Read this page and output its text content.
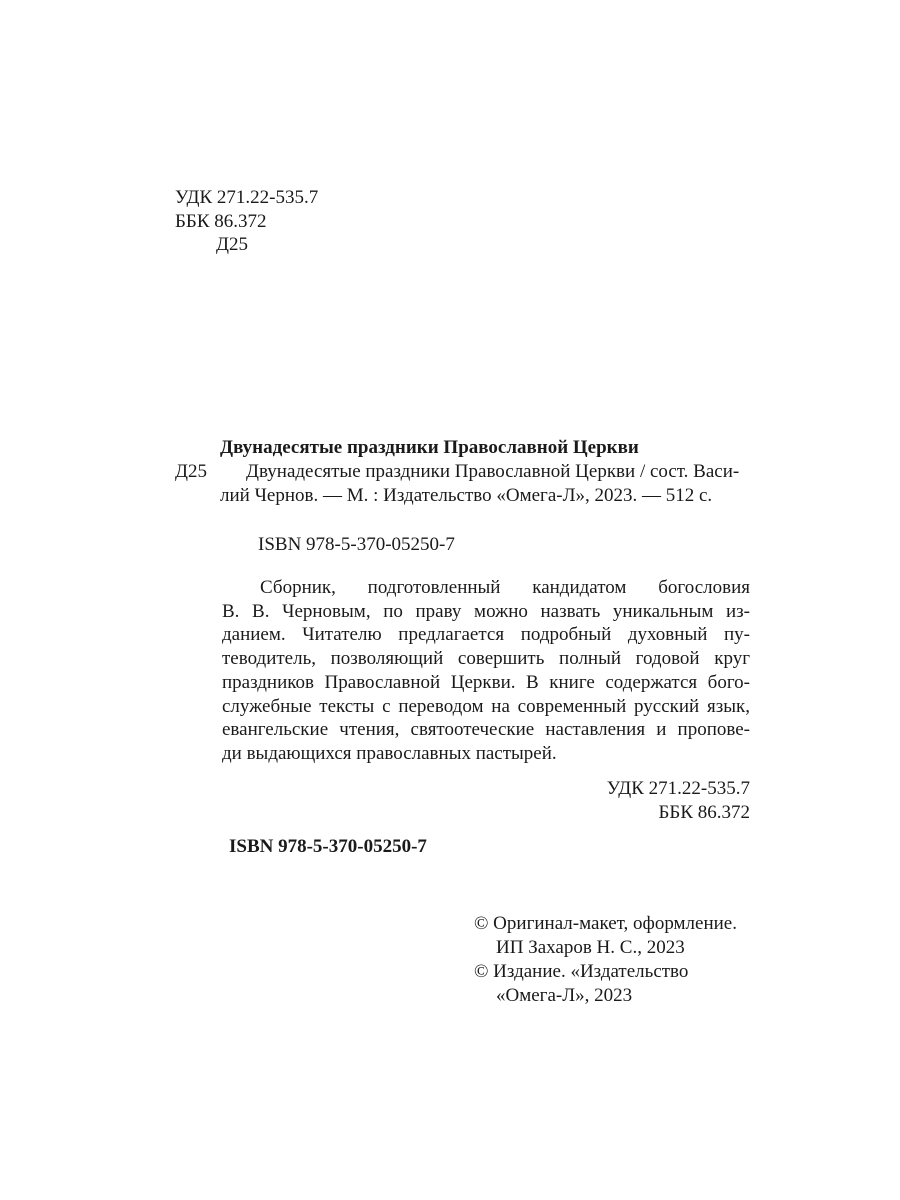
УДК 271.22-535.7
ББК 86.372
Д25
Двунадесятые праздники Православной Церкви
Д25 Двунадесятые праздники Православной Церкви / сост. Васи-
лий Чернов. — М. : Издательство «Омега-Л», 2023. — 512 с.
ISBN 978-5-370-05250-7

Сборник, подготовленный кандидатом богословия

В. В. Черновым, по праву можно назвать уникальным из-

данием. Читателю предлагается подробный духовный пу-

теводитель, позволяющий совершить полный годовой круг

праздников Православной Церкви. В книге содержатся бого-

служебные тексты с переводом на современный русский язык,

евангельские чтения, святоотеческие наставления и пропове-

ди выдающихся православных пастырей.

УДК 271.22-535.7
ББК 86.372
ISBN 978-5-370-05250-7
© Оригинал-макет, оформление.
ИП Захаров Н. С., 2023
© Издание. «Издательство
«Омега-Л», 2023
